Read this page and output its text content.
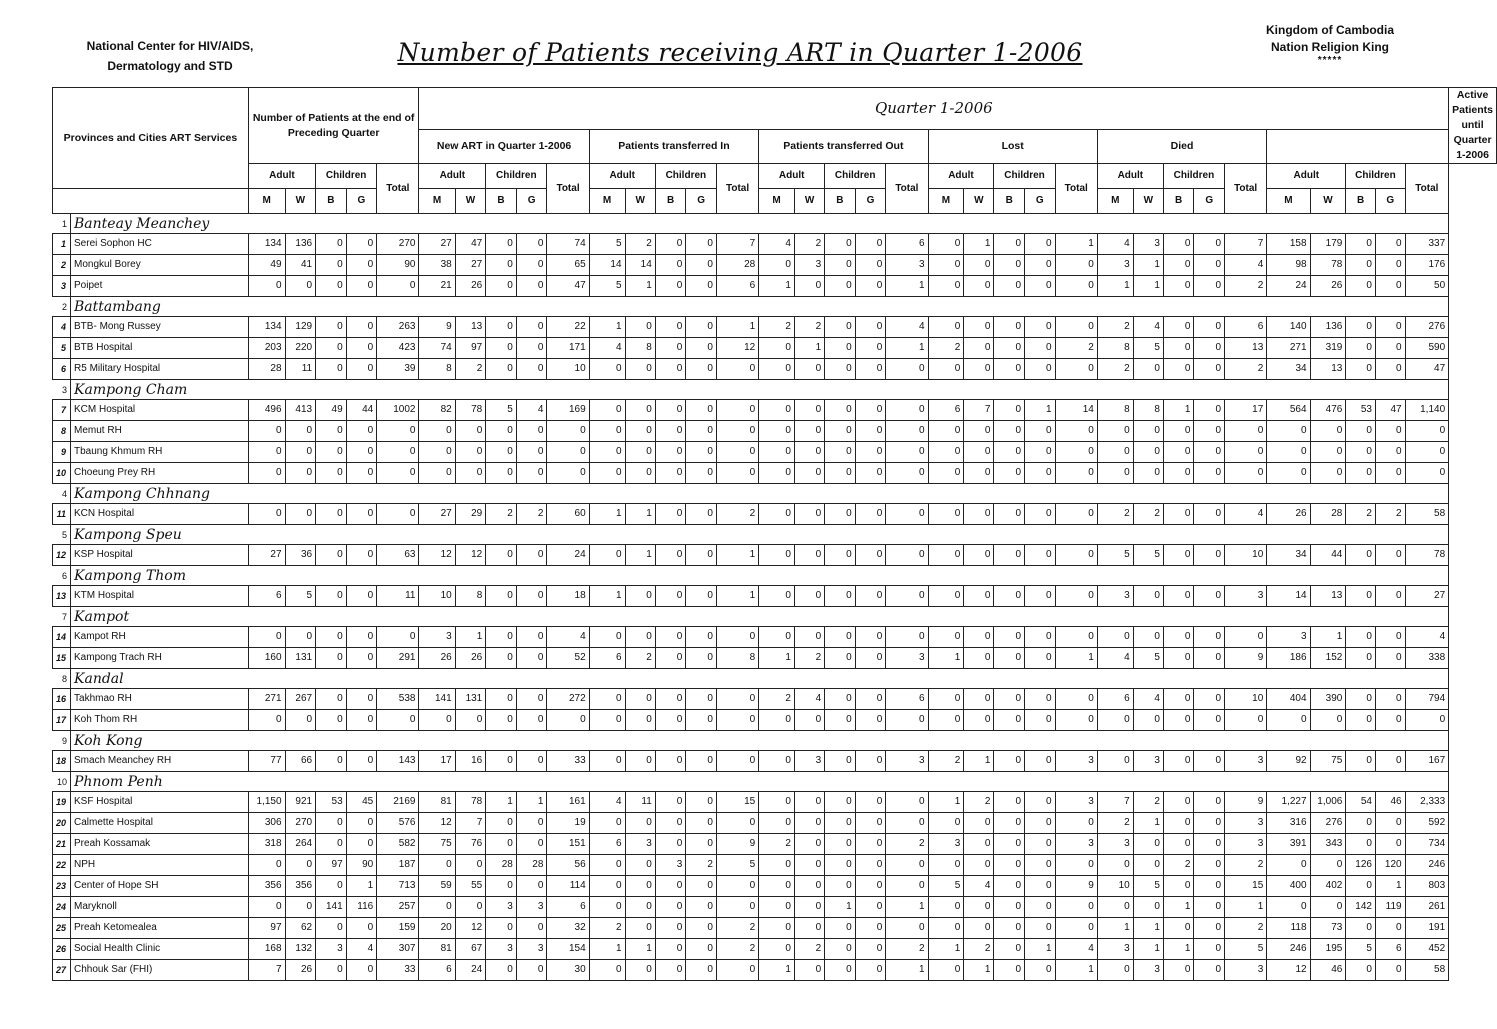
National Center for HIV/AIDS,
Dermatology and STD	Number of Patients receiving ART in Quarter 1-2006
Kingdom of Cambodia
Nation Religion King
*****
Provinces and Cities ART Services		Number of Patients at the end of Preceding Quarter					Quarter 1-2006																														Active Patients until Quarter 1-2006
							New ART in Quarter 1-2006					Patients transferred In					Patients transferred Out					Lost					Died										
		Adult		Children		Total	Adult		Children		Total	Adult		Children		Total	Adult		Children		Total	Adult		Children		Total	Adult		Children		Total	Adult		Children		Total	
		M	W	B	G		M	W	B	G		M	W	B	G		M	W	B	G		M	W	B	G		M	W	B	G		M	W	B	G		
1	Banteay Meanchey																																				
1	Serei Sophon HC	134	136	0	0	270	27	47	0	0	74	5	2	0	0	7	4	2	0	0	6	0	1	0	0	1	4	3	0	0	7	158	179	0	0	337	
2	Mongkul Borey	49	41	0	0	90	38	27	0	0	65	14	14	0	0	28	0	3	0	0	3	0	0	0	0	0	3	1	0	0	4	98	78	0	0	176	
3	Poipet	0	0	0	0	0	21	26	0	0	47	5	1	0	0	6	1	0	0	0	1	0	0	0	0	0	1	1	0	0	2	24	26	0	0	50	
2	Battambang																																				
4	BTB- Mong Russey	134	129	0	0	263	9	13	0	0	22	1	0	0	0	1	2	2	0	0	4	0	0	0	0	0	2	4	0	0	6	140	136	0	0	276	
5	BTB Hospital	203	220	0	0	423	74	97	0	0	171	4	8	0	0	12	0	1	0	0	1	2	0	0	0	2	8	5	0	0	13	271	319	0	0	590	
6	R5 Military Hospital	28	11	0	0	39	8	2	0	0	10	0	0	0	0	0	0	0	0	0	0	0	0	0	0	0	2	0	0	0	2	34	13	0	0	47	
3	Kampong Cham																																				
7	KCM Hospital	496	413	49	44	1002	82	78	5	4	169	0	0	0	0	0	0	0	0	0	0	6	7	0	1	14	8	8	1	0	17	564	476	53	47	1,140	
8	Memut RH	0	0	0	0	0	0	0	0	0	0	0	0	0	0	0	0	0	0	0	0	0	0	0	0	0	0	0	0	0	0	0	0	0	0	0	
9	Tbaung Khmum RH	0	0	0	0	0	0	0	0	0	0	0	0	0	0	0	0	0	0	0	0	0	0	0	0	0	0	0	0	0	0	0	0	0	0	0	
10	Choeung Prey RH	0	0	0	0	0	0	0	0	0	0	0	0	0	0	0	0	0	0	0	0	0	0	0	0	0	0	0	0	0	0	0	0	0	0	0	
4	Kampong Chhnang																																				
11	KCN Hospital	0	0	0	0	0	27	29	2	2	60	1	1	0	0	2	0	0	0	0	0	0	0	0	0	0	2	2	0	0	4	26	28	2	2	58	
5	Kampong Speu																																				
12	KSP Hospital	27	36	0	0	63	12	12	0	0	24	0	1	0	0	1	0	0	0	0	0	0	0	0	0	0	5	5	0	0	10	34	44	0	0	78	
6	Kampong Thom																																				
13	KTM Hospital	6	5	0	0	11	10	8	0	0	18	1	0	0	0	1	0	0	0	0	0	0	0	0	0	0	3	0	0	0	3	14	13	0	0	27	
7	Kampot																																				
14	Kampot RH	0	0	0	0	0	3	1	0	0	4	0	0	0	0	0	0	0	0	0	0	0	0	0	0	0	0	0	0	0	0	3	1	0	0	4	
15	Kampong Trach RH	160	131	0	0	291	26	26	0	0	52	6	2	0	0	8	1	2	0	0	3	1	0	0	0	1	4	5	0	0	9	186	152	0	0	338	
8	Kandal																																				
16	Takhmao RH	271	267	0	0	538	141	131	0	0	272	0	0	0	0	0	2	4	0	0	6	0	0	0	0	0	6	4	0	0	10	404	390	0	0	794	
17	Koh Thom RH	0	0	0	0	0	0	0	0	0	0	0	0	0	0	0	0	0	0	0	0	0	0	0	0	0	0	0	0	0	0	0	0	0	0	0	
9	Koh Kong																																				
18	Smach Meanchey RH	77	66	0	0	143	17	16	0	0	33	0	0	0	0	0	0	3	0	0	3	2	1	0	0	3	0	3	0	0	3	92	75	0	0	167	
10	Phnom Penh																																				
19	KSF Hospital	1,150	921	53	45	2169	81	78	1	1	161	4	11	0	0	15	0	0	0	0	0	1	2	0	0	3	7	2	0	0	9	1,227	1,006	54	46	2,333	
20	Calmette Hospital	306	270	0	0	576	12	7	0	0	19	0	0	0	0	0	0	0	0	0	0	0	0	0	0	0	2	1	0	0	3	316	276	0	0	592	
21	Preah Kossamak	318	264	0	0	582	75	76	0	0	151	6	3	0	0	9	2	0	0	0	2	3	0	0	0	3	3	0	0	0	3	391	343	0	0	734	
22	NPH	0	0	97	90	187	0	0	28	28	56	0	0	3	2	5	0	0	0	0	0	0	0	0	0	0	0	0	2	0	2	0	0	126	120	246	
23	Center of Hope SH	356	356	0	1	713	59	55	0	0	114	0	0	0	0	0	0	0	0	0	0	5	4	0	0	9	10	5	0	0	15	400	402	0	1	803	
24	Maryknoll	0	0	141	116	257	0	0	3	3	6	0	0	0	0	0	0	0	1	0	1	0	0	0	0	0	0	0	1	0	1	0	0	142	119	261	
25	Preah Ketomealea	97	62	0	0	159	20	12	0	0	32	2	0	0	0	2	0	0	0	0	0	0	0	0	0	0	1	1	0	0	2	118	73	0	0	191	
26	Social Health Clinic	168	132	3	4	307	81	67	3	3	154	1	1	0	0	2	0	2	0	0	2	1	2	0	1	4	3	1	1	0	5	246	195	5	6	452	
27	Chhouk Sar (FHI)	7	26	0	0	33	6	24	0	0	30	0	0	0	0	0	1	0	0	0	1	0	1	0	0	1	0	3	0	0	3	12	46	0	0	58	
